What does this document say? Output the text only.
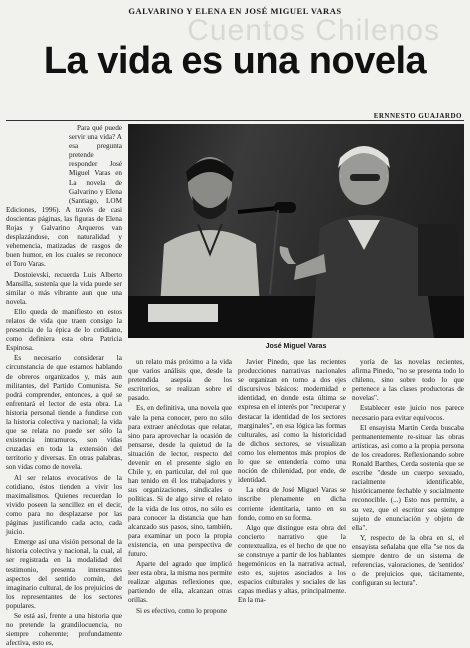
Cuentos Chilenos
GALVARINO Y ELENA EN JOSÉ MIGUEL VARAS
La vida es una novela
ERNNESTO GUAJARDO

Para qué puede servir una vida? A esa pregunta pretende responder José Miguel Varas en La novela de Galvarino y Elena (Santiago, LOM Ediciones, 1996). A través de casi doscientas páginas, las figuras de Elena Rojas y Galvarino Arqueros van desplazándose, con naturalidad y vehemencia, matizadas de rasgos de buen humor, en los cuales se reconoce el Toro Varas.

Dostoievski, recuerda Luis Alberto Mansilla, sostenía que la vida puede ser similar o más vibrante aun que una novela.

Ello queda de manifiesto en estos relatos de vida que traen consigo la presencia de la épica de lo cotidiano, como definiera esta obra Patricia Espinosa.

Es necesario considerar la circunstancia de que estamos hablando de obreros organizados y, más aun militantes, del Partido Comunista. Se podrá comprender, entonces, a qué se enfrentará el lector de esta obra. La historia personal tiende a fundirse con la historia colectiva y nacional; la vida que se relata no puede ser sólo la existencia intramuros, son vidas cruzadas en toda la extensión del territorio y diversas. En otras palabras, son vidas como de novela.

Al ser relatos evocativos de la cotidiano, éstos tienden a vivir los maximalismos. Quienes recuerdan lo vivido poseen la sencillez en el decir, como para no desplazarse por las páginas justificando cada acto, cada juicio.

Emerge así una visión personal de la historia colectiva y nacional, la cual, al ser registrada en la modalidad del testimonio, presenta interesantes aspectos del sentido común, del imaginario cultural, de los prejuicios de los representantes de los sectores populares.

Se está así, frente a una historia que no pretende la grandilocuencia, no siempre coherente; profundamente afectiva, esto es,

José Miguel Varas

un relato más próximo a la vida que varios análisis que, desde la pretendida asepsia de los escritorios, se realizan sobre el pasado.

Es, en definitiva, una novela que vale la pena conocer, pero no sólo para extraer anécdotas que relatar, sino para aprovechar la ocasión de pensarse, desde la quietud de la situación de lector, respecto del devenir en el presente siglo en Chile y, en particular, del rol que han tenido en él los trabajadores y sus organizaciones, sindicales o políticas. Si de algo sirve el relato de la vida de los otros, no sólo es para conocer la distancia que han alcanzado sus pasos, sino, también, para examinar un poco la propia existencia, en una perspectiva de futuro.

Aparte del agrado que implicó leer esta obra, la misma nos permite realizar algunas reflexiones que, partiendo de ella, alcanzan otras orillas.

Si es efectivo, como lo propone

Javier Pinedo, que las recientes producciones narrativas nacionales se organizan en torno a dos ejes discursivos básicos: modernidad e identidad, en donde esta última se expresa en el interés por "recuperar y destacar la identidad de los sectores marginales", en esa lógica las formas culturales, así como la historicidad de dichos sectores, se visualizan como los elementos más propios de lo que se entendería como una noción de chilenidad, por ende, de identidad.

La obra de José Miguel Varas se inscribe plenamente en dicha corriente identitaria, tanto en su fondo, como en su forma.

Algo que distingue esta obra del concierto narrativo que la contextualiza, es el hecho de que no se construye a partir de los hablantes hegemónicos en la narrativa actual, esto es, sujetos asociados a los espacios culturales y sociales de las capas medias y altas, principalmente. En la ma-

yoría de las novelas recientes, afirma Pinedo, "no se presenta todo lo chileno, sino sobre todo lo que pertenece a las clases productoras de novelas".

Establecer este juicio nos parece necesario para evitar equívocos.

El ensayista Martín Cerda buscaba permanentemente re-situar las obras artísticas, así como a la propia persona de los creadores. Reflexionando sobre Ronald Barthes, Cerda sostenía que se escribe "desde un cuerpo sexuado, racialmente identificable, históricamente fechable y socialmente reconocible. (...) Esto nos permite, a su vez, que el escritor sea siempre sujeto de enunciación y objeto de ella".

Y, respecto de la obra en sí, el ensayista señalaba que ella "se nos da siempre dentro de un sistema de referencias, valoraciones, de 'sentidos' o de prejuicios que, tácitamente, configuran su lectura".
